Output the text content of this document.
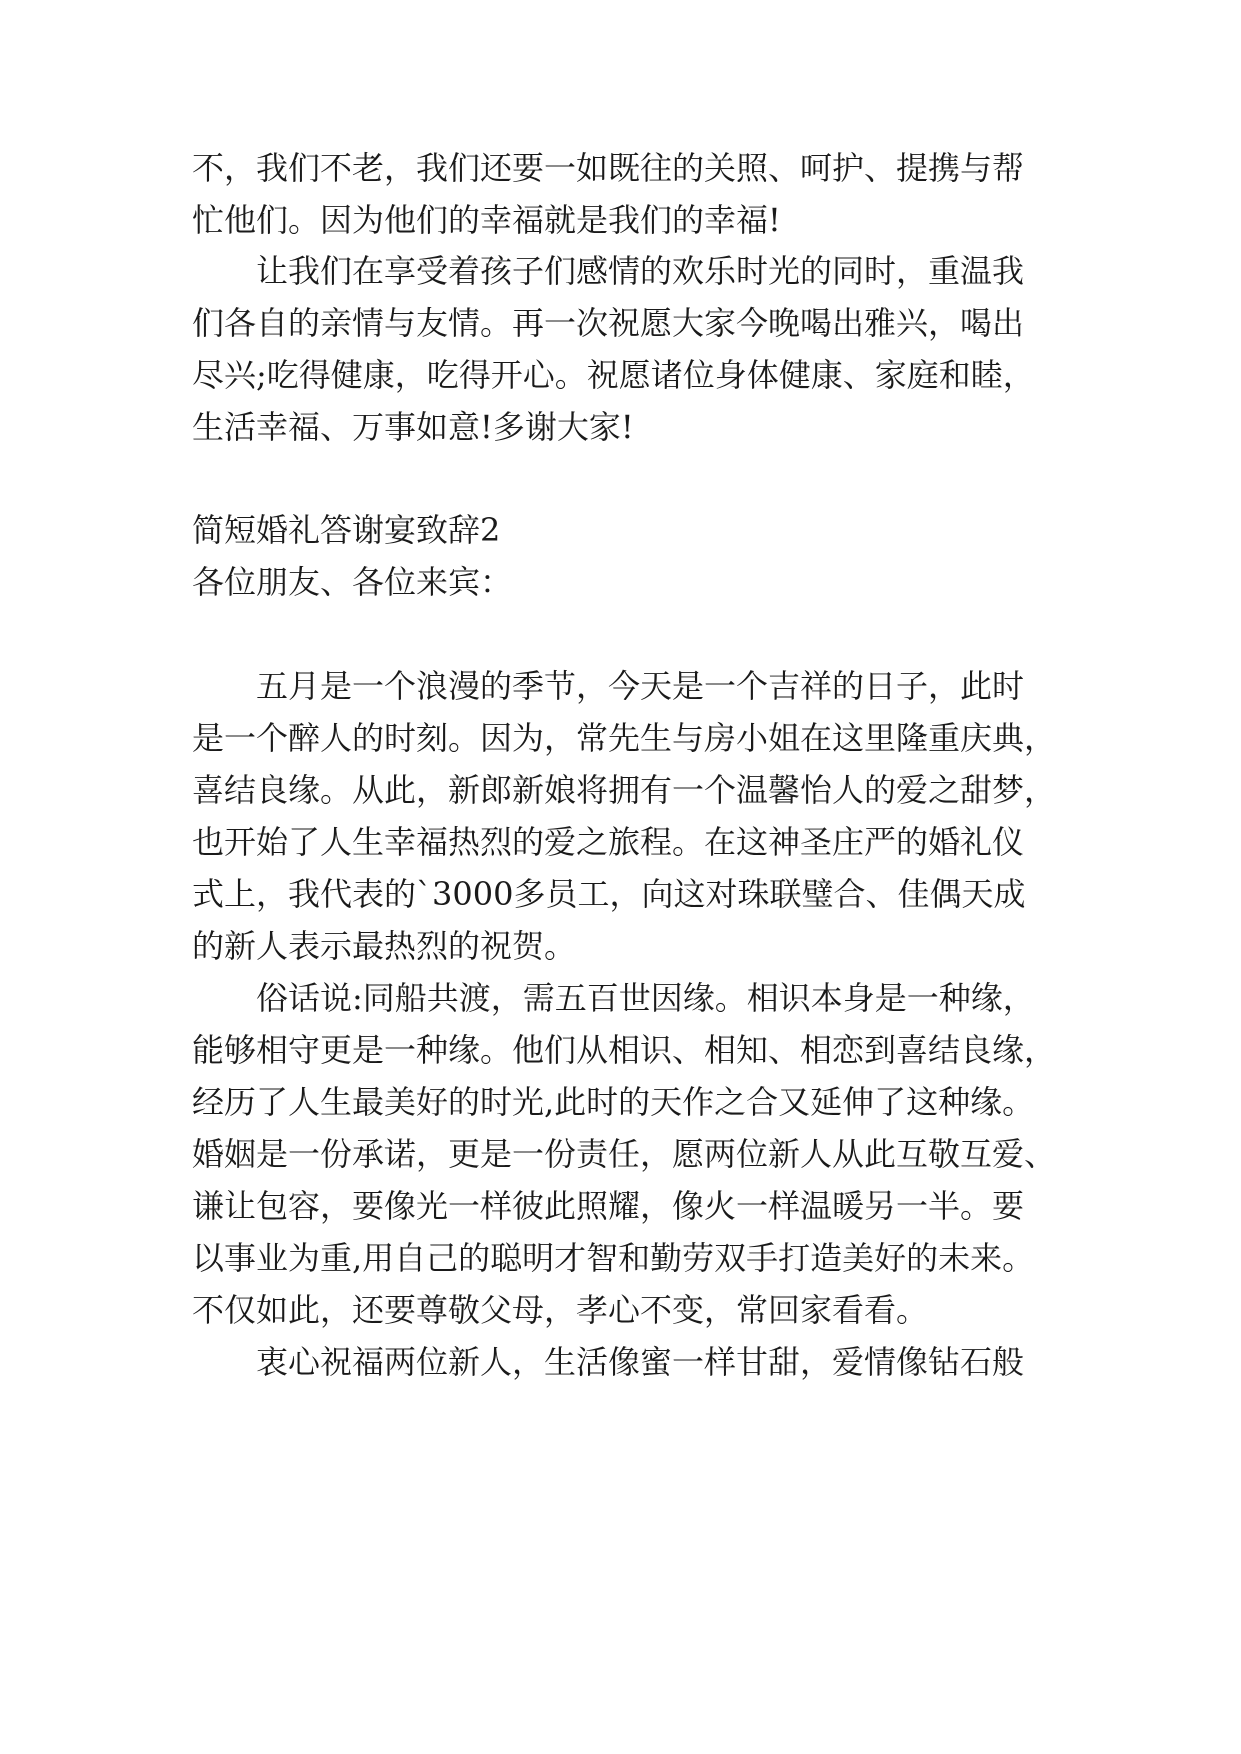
不，我们不老，我们还要一如既往的关照、呵护、提携与帮
忙他们。因为他们的幸福就是我们的幸福!
让我们在享受着孩子们感情的欢乐时光的同时，重温我
们各自的亲情与友情。再一次祝愿大家今晚喝出雅兴，喝出
尽兴;吃得健康，吃得开心。祝愿诸位身体健康、家庭和睦，
生活幸福、万事如意!多谢大家!
简短婚礼答谢宴致辞2
各位朋友、各位来宾：
五月是一个浪漫的季节，今天是一个吉祥的日子，此时
是一个醉人的时刻。因为，常先生与房小姐在这里隆重庆典，
喜结良缘。从此，新郎新娘将拥有一个温馨怡人的爱之甜梦，
也开始了人生幸福热烈的爱之旅程。在这神圣庄严的婚礼仪
式上，我代表的`3000多员工，向这对珠联璧合、佳偶天成
的新人表示最热烈的祝贺。
俗话说:同船共渡，需五百世因缘。相识本身是一种缘，
能够相守更是一种缘。他们从相识、相知、相恋到喜结良缘，
经历了人生最美好的时光,此时的天作之合又延伸了这种缘。
婚姻是一份承诺，更是一份责任，愿两位新人从此互敬互爱、
谦让包容，要像光一样彼此照耀，像火一样温暖另一半。要
以事业为重,用自己的聪明才智和勤劳双手打造美好的未来。
不仅如此，还要尊敬父母，孝心不变，常回家看看。
衷心祝福两位新人，生活像蜜一样甘甜，爱情像钻石般
